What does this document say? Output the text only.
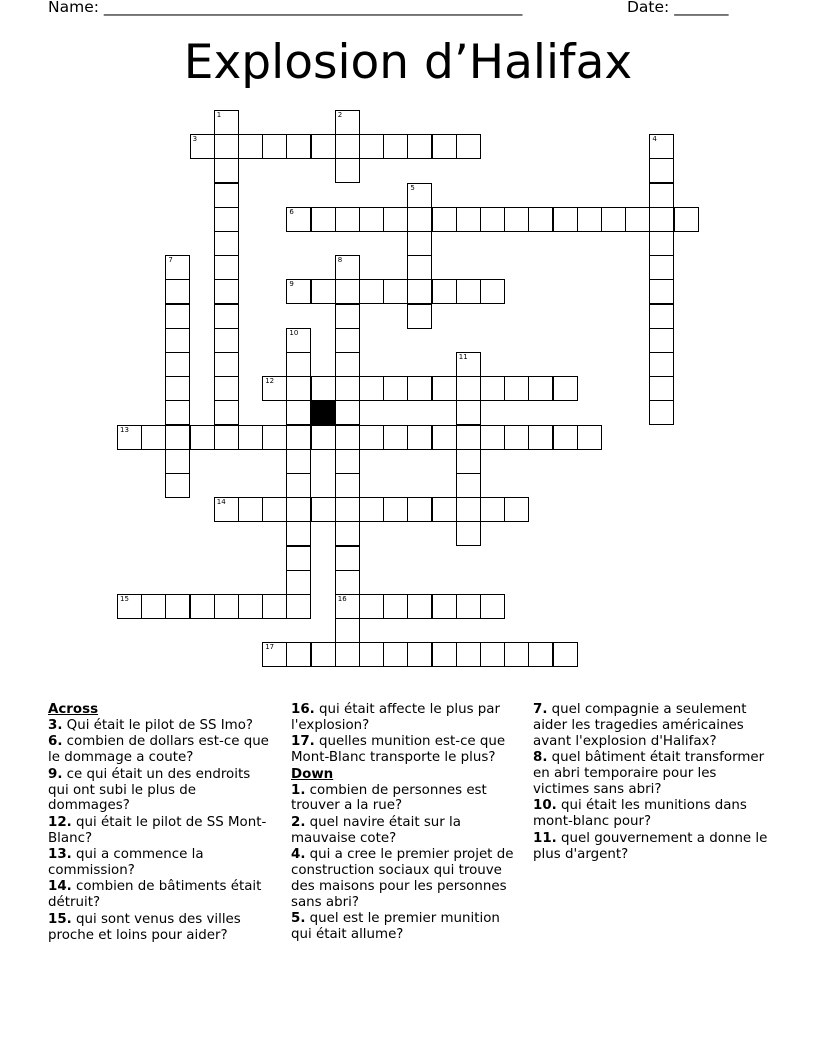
Name: ______________________________________________________	Date: _______
Explosion d’Halifax
1	2
3	4
5
6
7	8
16
9
10
11
12
13
14
15
17
Across
3. Qui était le pilot de SS Imo?
6. combien de dollars est-ce que le dommage a coute?
9. ce qui était un des endroits qui ont subi le plus de dommages?
12. qui était le pilot de SS Mont-Blanc?
13. qui a commence la commission?
14. combien de bâtiments était détruit?
15. qui sont venus des villes proche et loins pour aider?
16. qui était affecte le plus par l'explosion?
17. quelles munition est-ce que Mont-Blanc transporte le plus?
Down
1. combien de personnes est trouver a la rue?
2. quel navire était sur la mauvaise cote?
4. qui a cree le premier projet de construction sociaux qui trouve des maisons pour les personnes sans abri?
5. quel est le premier munition qui était allume?
7. quel compagnie a seulement aider les tragedies américaines avant l'explosion d'Halifax?
8. quel bâtiment était transformer en abri temporaire pour les victimes sans abri?
10. qui était les munitions dans mont-blanc pour?
11. quel gouvernement a donne le plus d'argent?
